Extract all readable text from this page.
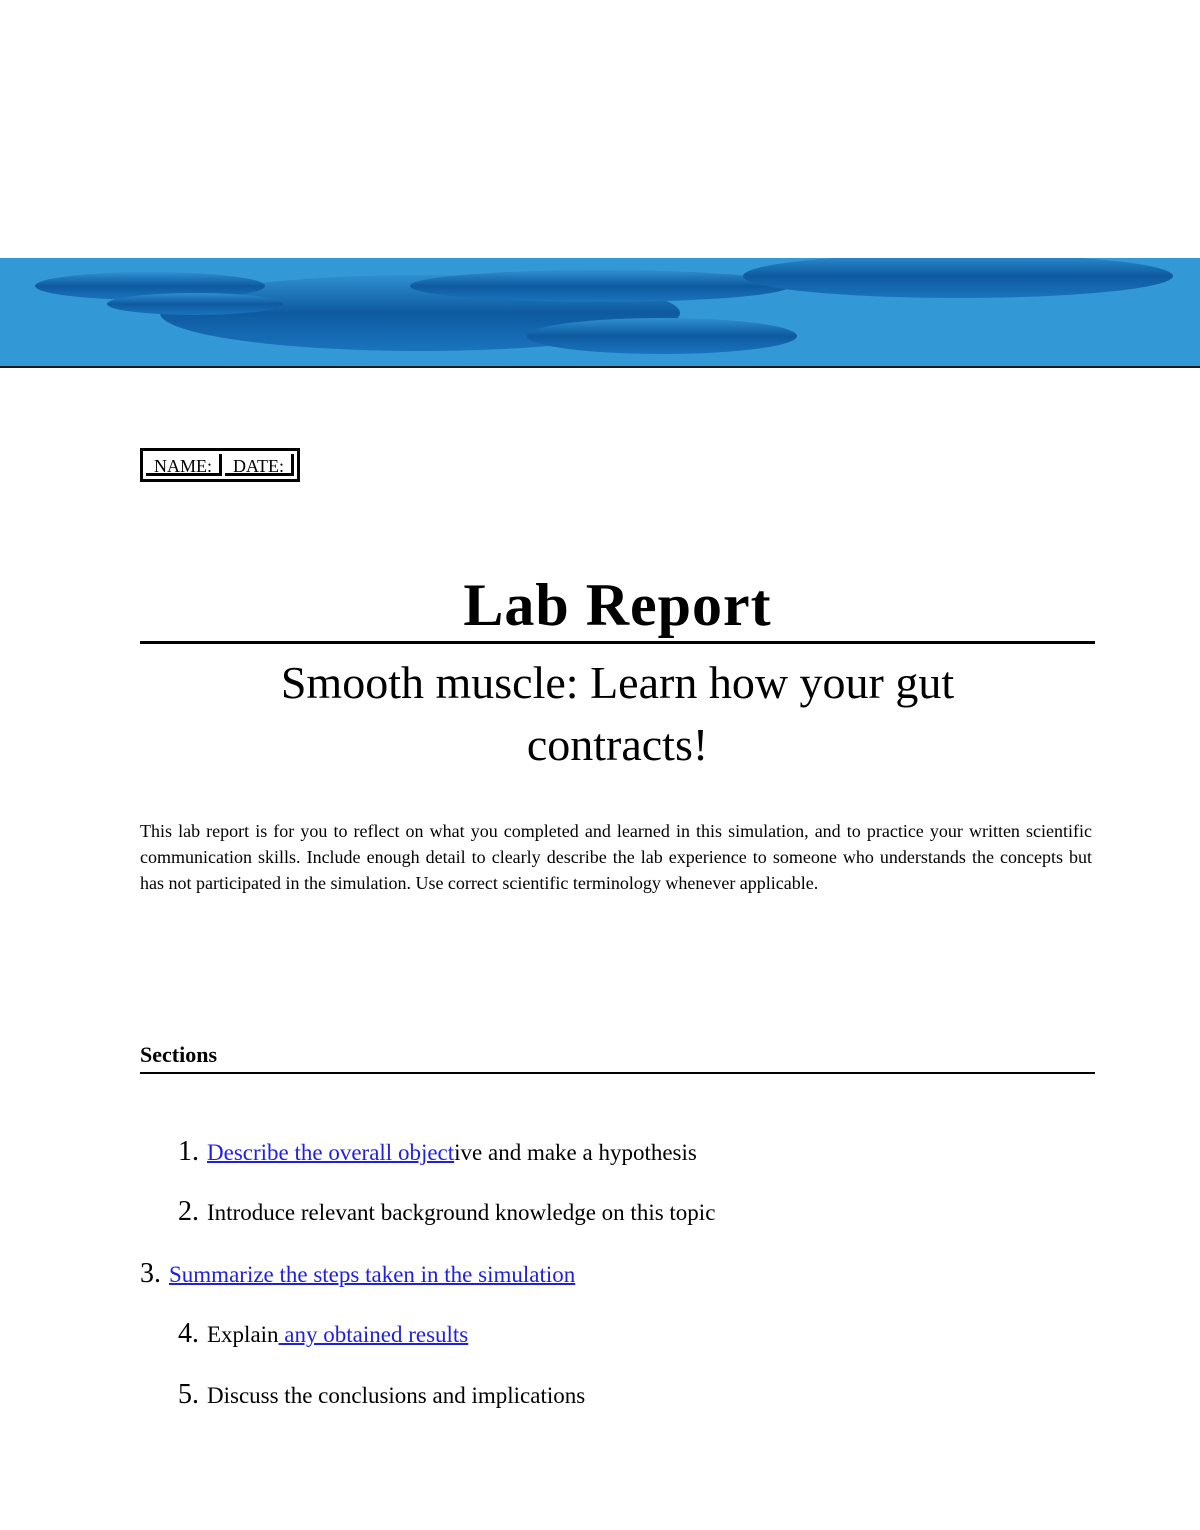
NAME:	DATE:
Lab Report
Smooth muscle: Learn how your gut
contracts!
This lab report is for you to reflect on what you completed and learned in this simulation, and to practice your written scientific communication skills. Include enough detail to clearly describe the lab experience to someone who understands the concepts but has not participated in the simulation. Use correct scientific terminology whenever applicable.
Sections
1. Describe the overall objective and make a hypothesis
2. Introduce relevant background knowledge on this topic
3. Summarize the steps taken in the simulation
4. Explain any obtained results
5. Discuss the conclusions and implications
